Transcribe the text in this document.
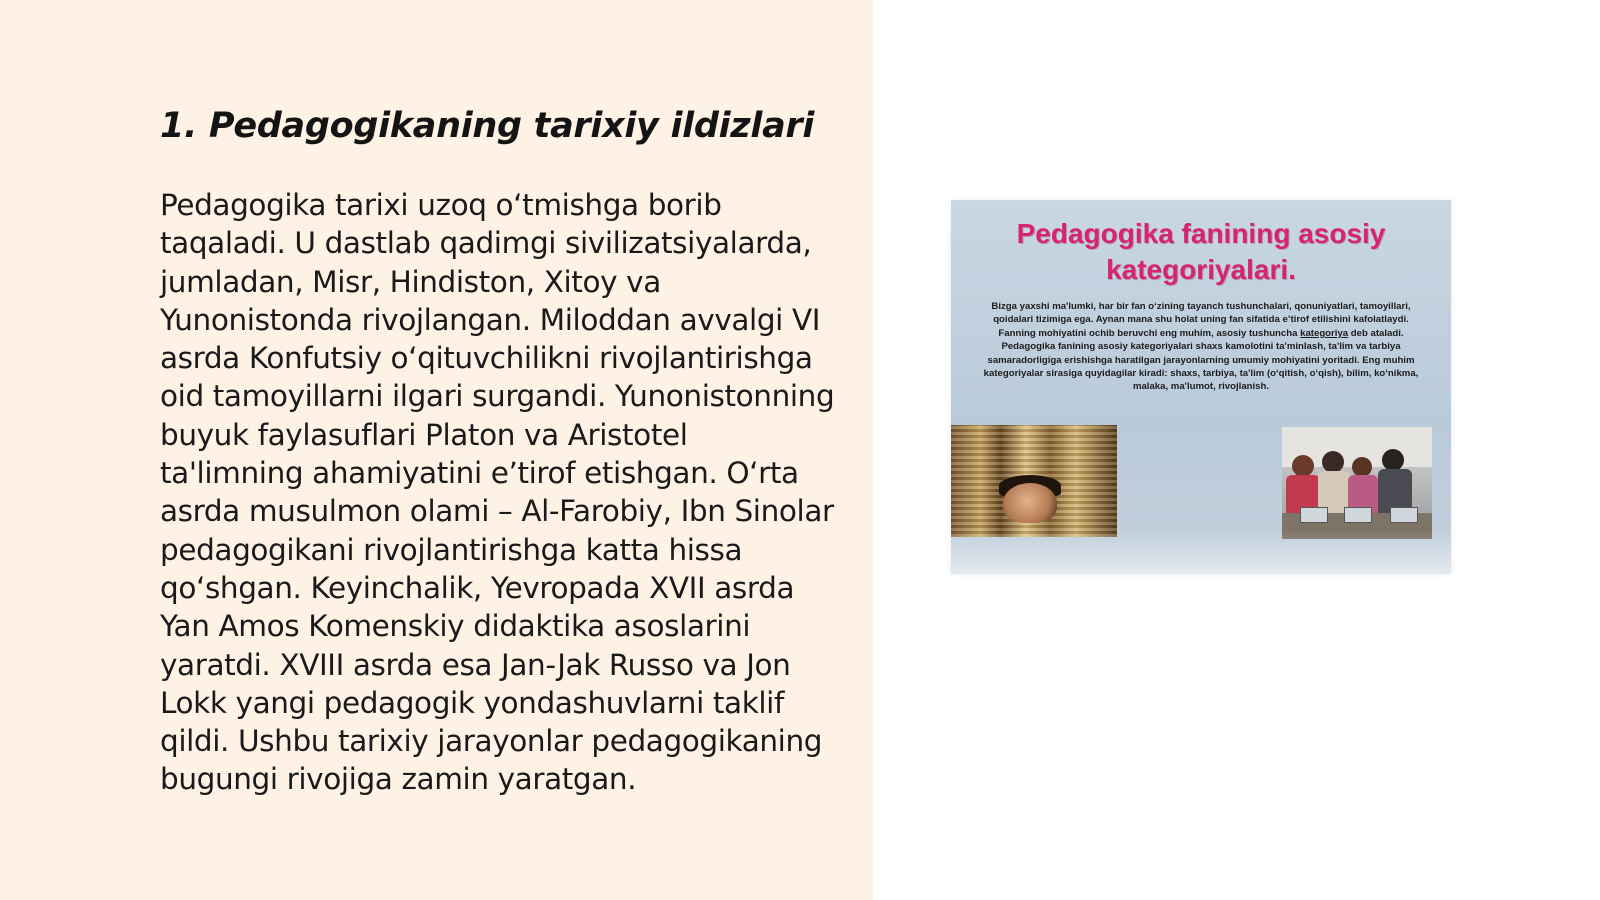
1. Pedagogikaning tarixiy ildizlari

Pedagogika tarixi uzoq o‘tmishga borib taqaladi. U dastlab qadimgi sivilizatsiyalarda, jumladan, Misr, Hindiston, Xitoy va Yunonistonda rivojlangan. Miloddan avvalgi VI asrda Konfutsiy o‘qituvchilikni rivojlantirishga oid tamoyillarni ilgari surgandi. Yunonistonning buyuk faylasuflari Platon va Aristotel ta'limning ahamiyatini e’tirof etishgan. O‘rta asrda musulmon olami – Al-Farobiy, Ibn Sinolar pedagogikani rivojlantirishga katta hissa qo‘shgan. Keyinchalik, Yevropada XVII asrda Yan Amos Komenskiy didaktika asoslarini yaratdi. XVIII asrda esa Jan-Jak Russo va Jon Lokk yangi pedagogik yondashuvlarni taklif qildi. Ushbu tarixiy jarayonlar pedagogikaning bugungi rivojiga zamin yaratgan.

Pedagogika fanining asosiy
kategoriyalari.
Bizga yaxshi ma'lumki, har bir fan o‘zining tayanch tushunchalari, qonuniyatlari, tamoyillari, qoidalari tizimiga ega. Aynan mana shu holat uning fan sifatida e’tirof etilishini kafolatlaydi. Fanning mohiyatini ochib beruvchi eng muhim, asosiy tushuncha kategoriya deb ataladi. Pedagogika fanining asosiy kategoriyalari shaxs kamolotini ta'minlash, ta'lim va tarbiya samaradorligiga erishishga haratilgan jarayonlarning umumiy mohiyatini yoritadi. Eng muhim kategoriyalar sirasiga quyidagilar kiradi: shaxs, tarbiya, ta'lim (o‘qitish, o‘qish), bilim, ko‘nikma, malaka, ma'lumot, rivojlanish.
